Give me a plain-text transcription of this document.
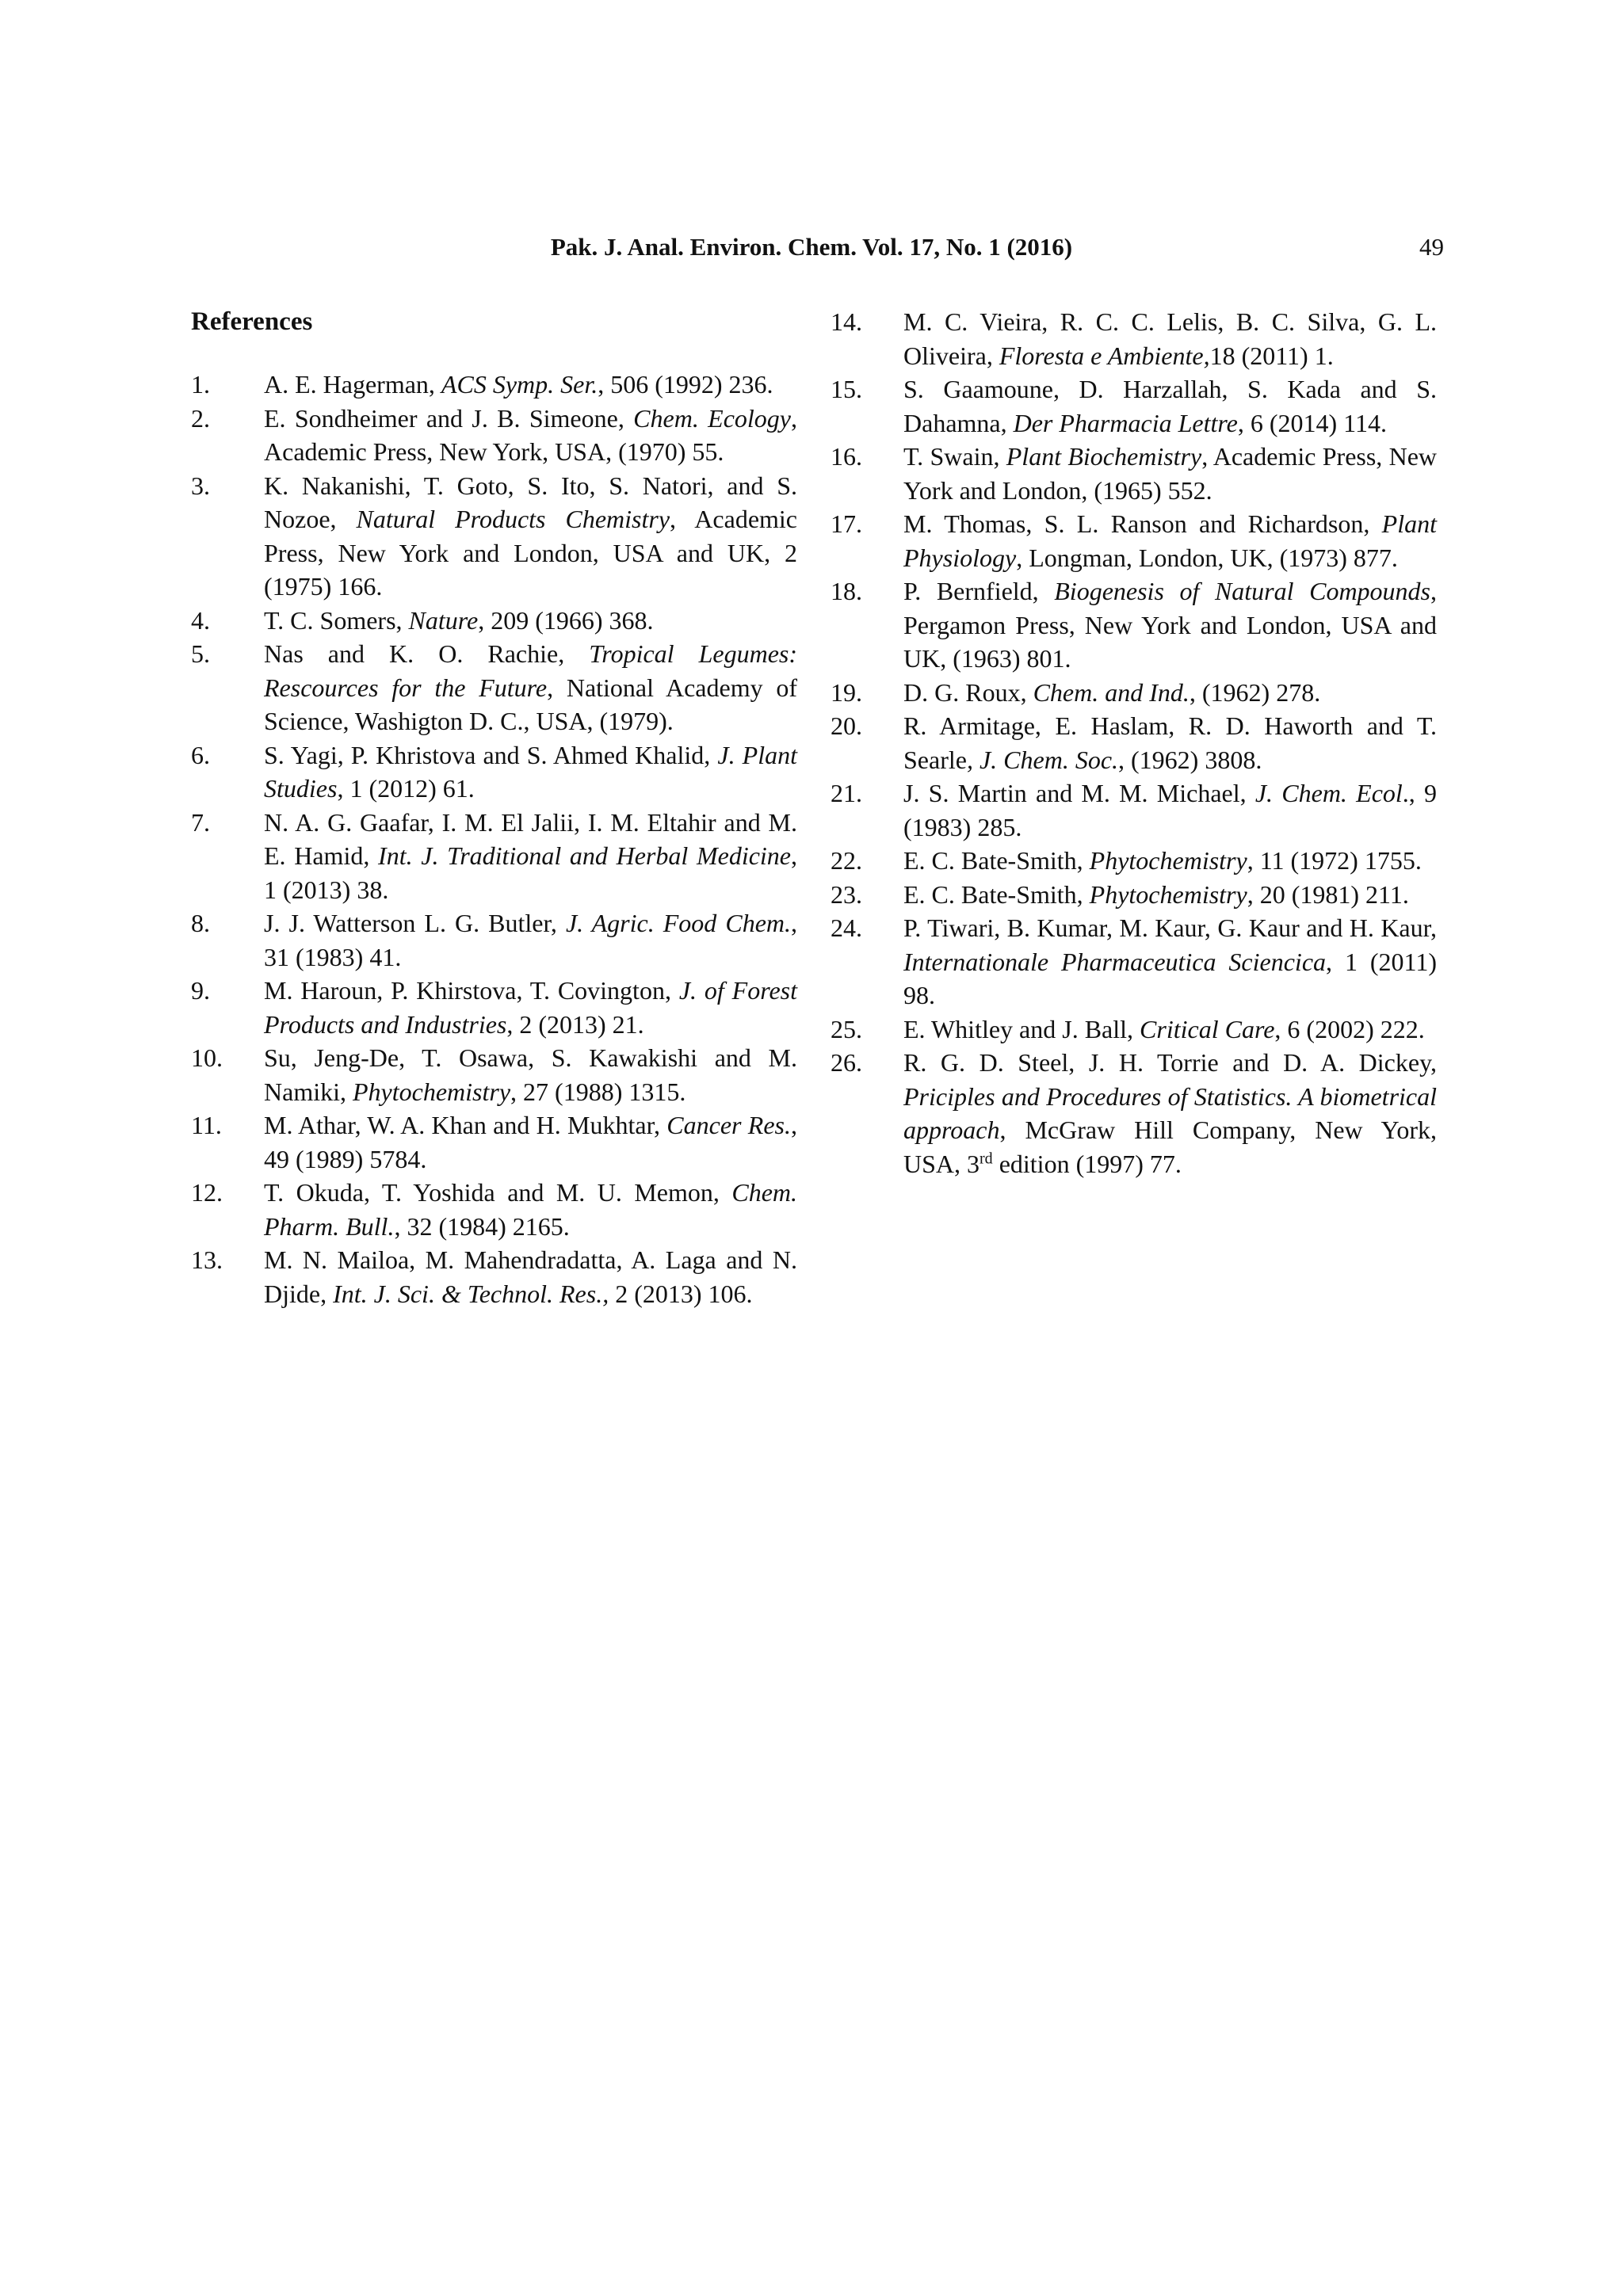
Pak. J. Anal. Environ. Chem. Vol. 17, No. 1 (2016)	49
References
1. A. E. Hagerman, ACS Symp. Ser., 506 (1992) 236.
2. E. Sondheimer and J. B. Simeone, Chem. Ecology, Academic Press, New York, USA, (1970) 55.
3. K. Nakanishi, T. Goto, S. Ito, S. Natori, and S. Nozoe, Natural Products Chemistry, Academic Press, New York and London, USA and UK, 2 (1975) 166.
4. T. C. Somers, Nature, 209 (1966) 368.
5. Nas and K. O. Rachie, Tropical Legumes: Rescources for the Future, National Academy of Science, Washigton D. C., USA, (1979).
6. S. Yagi, P. Khristova and S. Ahmed Khalid, J. Plant Studies, 1 (2012) 61.
7. N. A. G. Gaafar, I. M. El Jalii, I. M. Eltahir and M. E. Hamid, Int. J. Traditional and Herbal Medicine, 1 (2013) 38.
8. J. J. Watterson L. G. Butler, J. Agric. Food Chem., 31 (1983) 41.
9. M. Haroun, P. Khirstova, T. Covington, J. of Forest Products and Industries, 2 (2013) 21.
10. Su, Jeng-De, T. Osawa, S. Kawakishi and M. Namiki, Phytochemistry, 27 (1988) 1315.
11. M. Athar, W. A. Khan and H. Mukhtar, Cancer Res., 49 (1989) 5784.
12. T. Okuda, T. Yoshida and M. U. Memon, Chem. Pharm. Bull., 32 (1984) 2165.
13. M. N. Mailoa, M. Mahendradatta, A. Laga and N. Djide, Int. J. Sci. & Technol. Res., 2 (2013) 106.
14. M. C. Vieira, R. C. C. Lelis, B. C. Silva, G. L. Oliveira, Floresta e Ambiente,18 (2011) 1.
15. S. Gaamoune, D. Harzallah, S. Kada and S. Dahamna, Der Pharmacia Lettre, 6 (2014) 114.
16. T. Swain, Plant Biochemistry, Academic Press, New York and London, (1965) 552.
17. M. Thomas, S. L. Ranson and Richardson, Plant Physiology, Longman, London, UK, (1973) 877.
18. P. Bernfield, Biogenesis of Natural Compounds, Pergamon Press, New York and London, USA and UK, (1963) 801.
19. D. G. Roux, Chem. and Ind., (1962) 278.
20. R. Armitage, E. Haslam, R. D. Haworth and T. Searle, J. Chem. Soc., (1962) 3808.
21. J. S. Martin and M. M. Michael, J. Chem. Ecol., 9 (1983) 285.
22. E. C. Bate-Smith, Phytochemistry, 11 (1972) 1755.
23. E. C. Bate-Smith, Phytochemistry, 20 (1981) 211.
24. P. Tiwari, B. Kumar, M. Kaur, G. Kaur and H. Kaur, Internationale Pharmaceutica Sciencica, 1 (2011) 98.
25. E. Whitley and J. Ball, Critical Care, 6 (2002) 222.
26. R. G. D. Steel, J. H. Torrie and D. A. Dickey, Priciples and Procedures of Statistics. A biometrical approach, McGraw Hill Company, New York, USA, 3rd edition (1997) 77.
